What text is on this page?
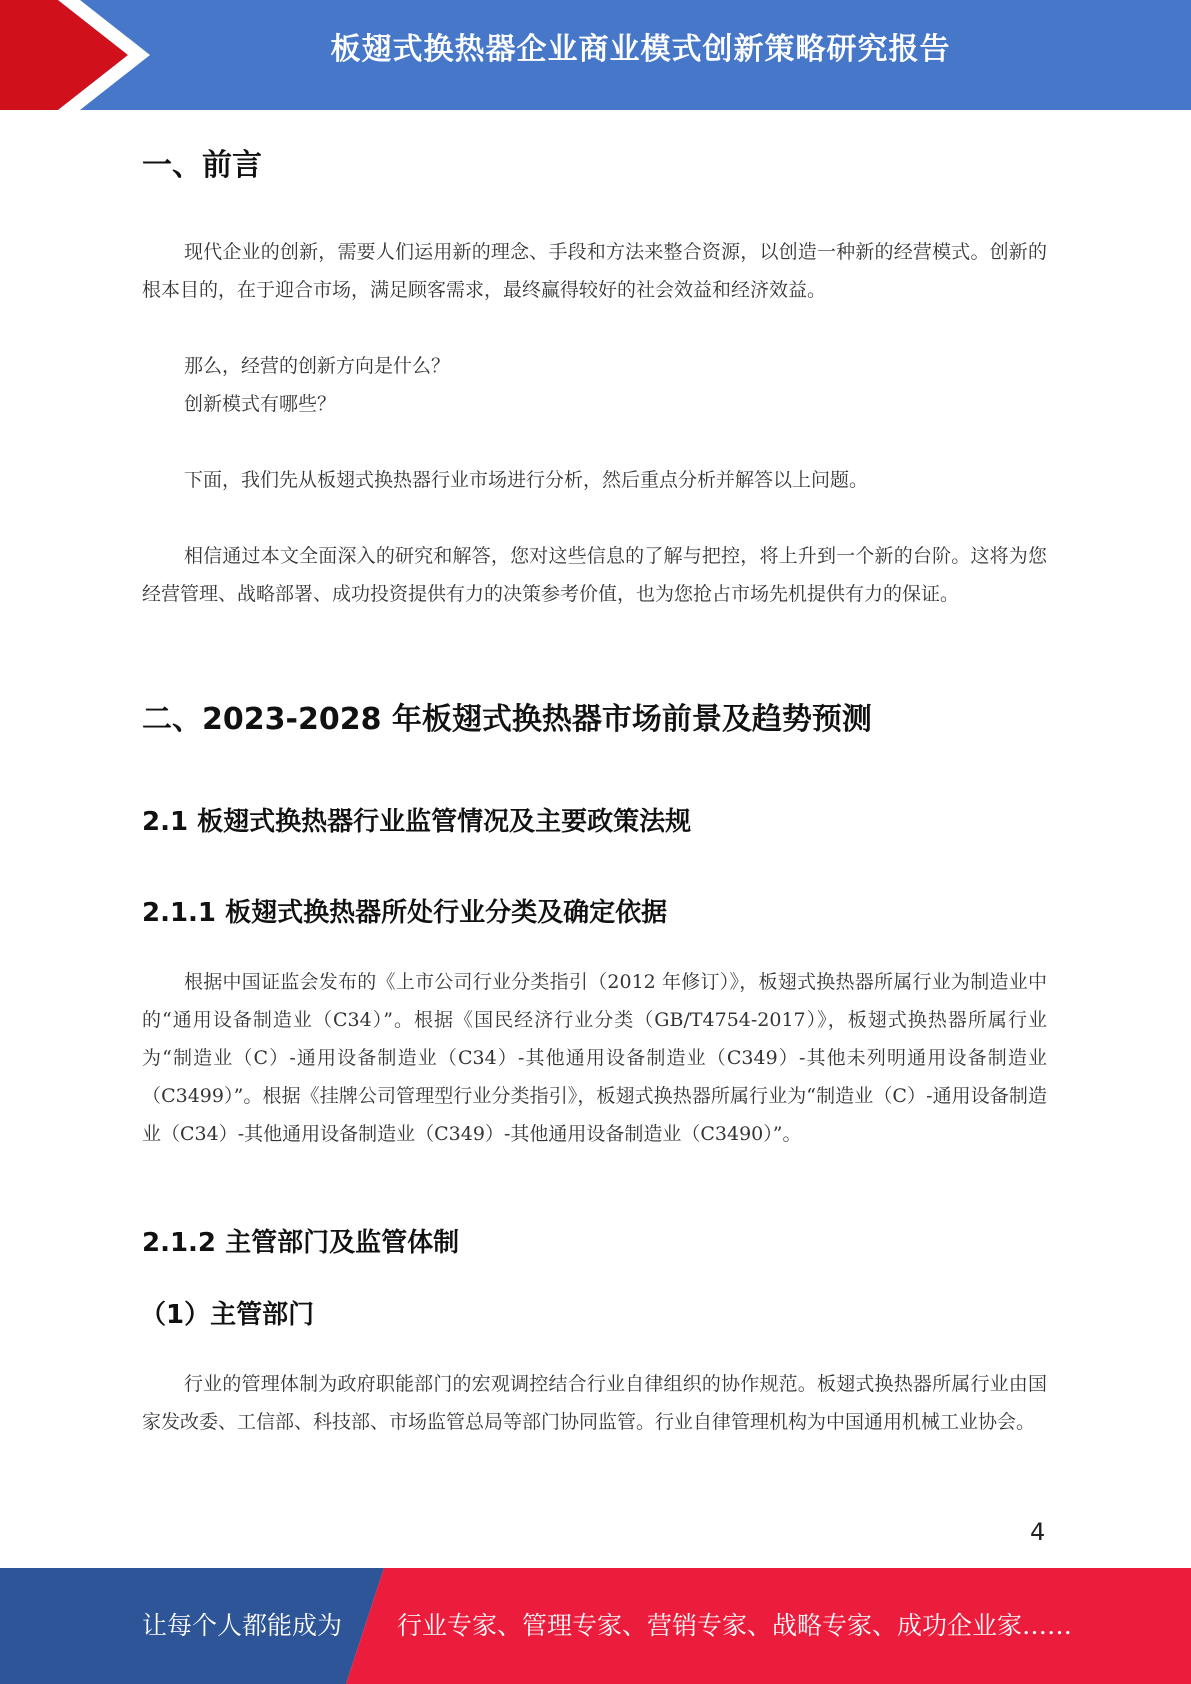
板翅式换热器企业商业模式创新策略研究报告
一、前言

现代企业的创新，需要人们运用新的理念、手段和方法来整合资源，以创造一种新的经营模式。创新的根本目的，在于迎合市场，满足顾客需求，最终赢得较好的社会效益和经济效益。

那么，经营的创新方向是什么？

创新模式有哪些？

下面，我们先从板翅式换热器行业市场进行分析，然后重点分析并解答以上问题。

相信通过本文全面深入的研究和解答，您对这些信息的了解与把控，将上升到一个新的台阶。这将为您经营管理、战略部署、成功投资提供有力的决策参考价值，也为您抢占市场先机提供有力的保证。

二、2023-2028 年板翅式换热器市场前景及趋势预测
2.1 板翅式换热器行业监管情况及主要政策法规
2.1.1 板翅式换热器所处行业分类及确定依据

根据中国证监会发布的《上市公司行业分类指引（2012 年修订）》，板翅式换热器所属行业为制造业中的“通用设备制造业（C34）”。根据《国民经济行业分类（GB/T4754-2017）》，板翅式换热器所属行业为“制造业（C）-通用设备制造业（C34）-其他通用设备制造业（C349）-其他未列明通用设备制造业（C3499）”。根据《挂牌公司管理型行业分类指引》，板翅式换热器所属行业为“制造业（C）-通用设备制造业（C34）-其他通用设备制造业（C349）-其他通用设备制造业（C3490）”。

2.1.2 主管部门及监管体制
（1）主管部门

行业的管理体制为政府职能部门的宏观调控结合行业自律组织的协作规范。板翅式换热器所属行业由国家发改委、工信部、科技部、市场监管总局等部门协同监管。行业自律管理机构为中国通用机械工业协会。

4
让每个人都能成为 行业专家、管理专家、营销专家、战略专家、成功企业家……
